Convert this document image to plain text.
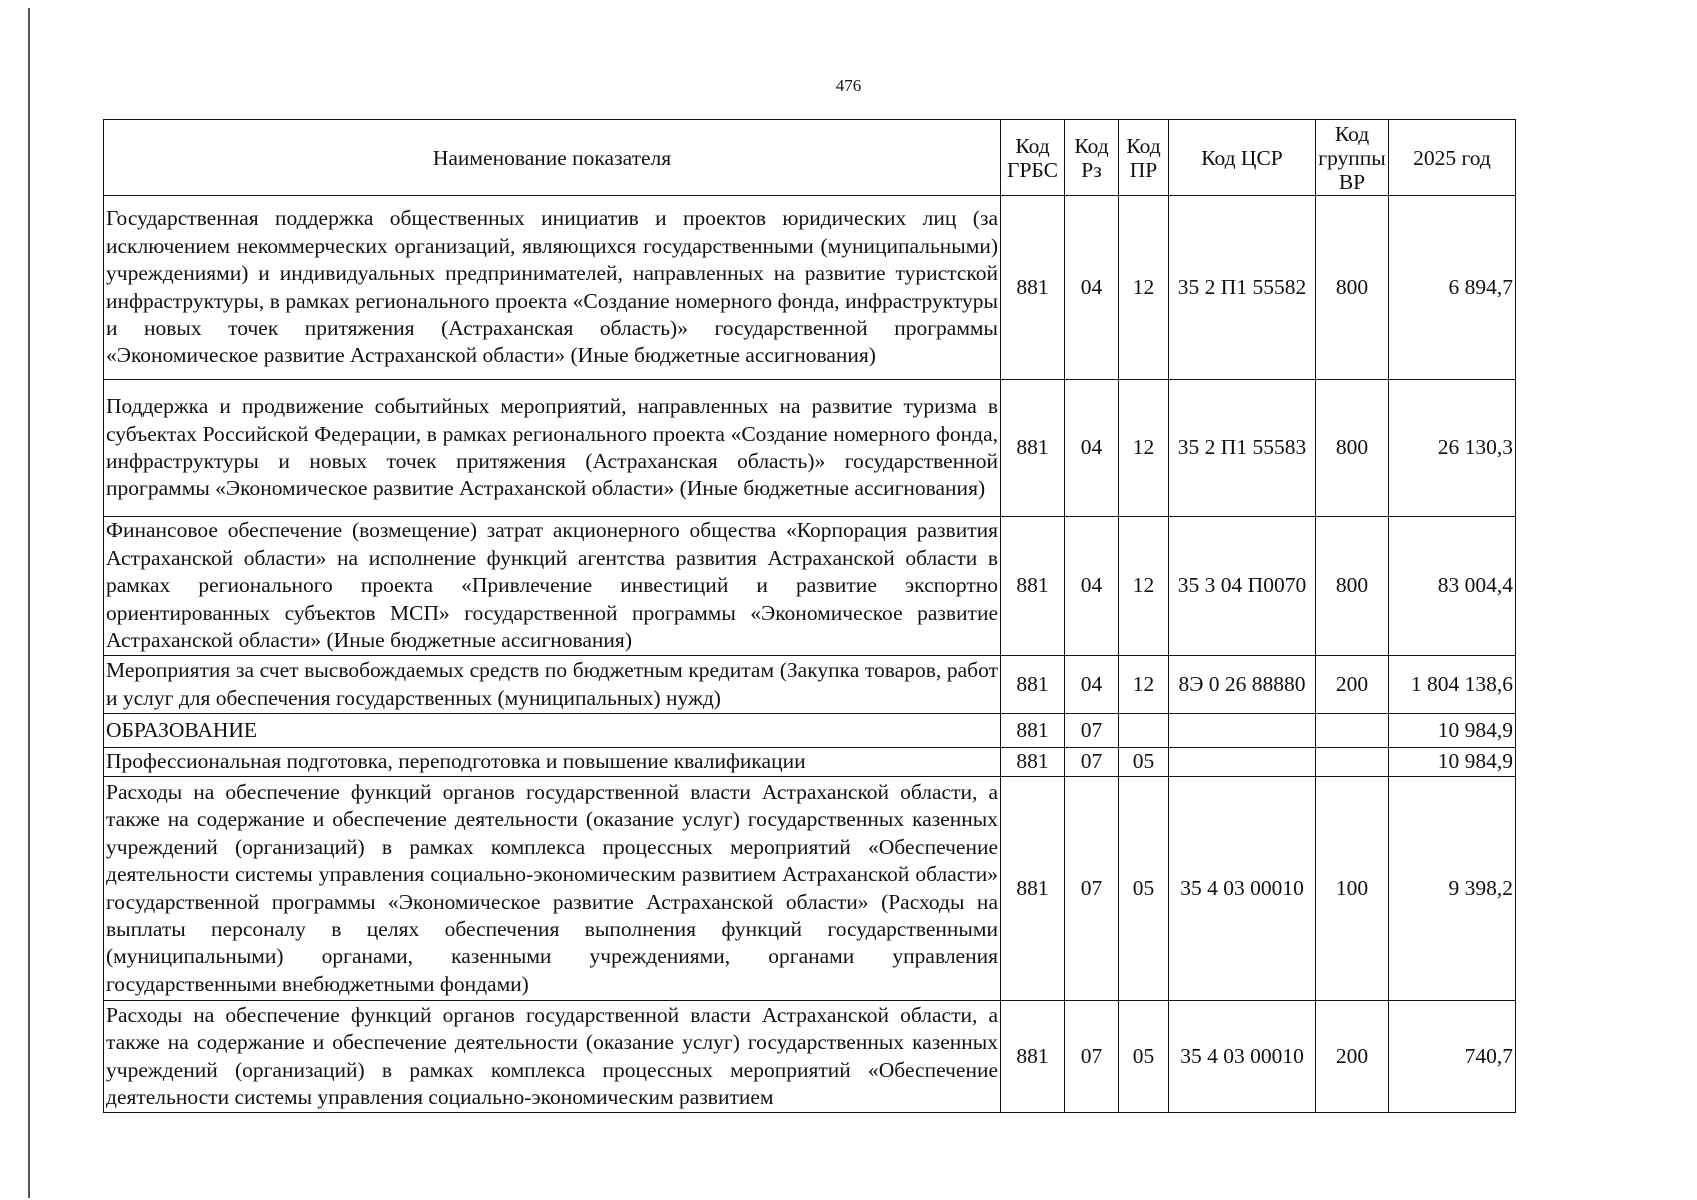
476
Наименование показателя	Код ГРБС	Код Рз	Код ПР	Код ЦСР	Код группы ВР	2025 год
Государственная поддержка общественных инициатив и проектов юридических лиц (за исключением некоммерческих организаций, являющихся государственными (муниципальными) учреждениями) и индивидуальных предпринимателей, направленных на развитие туристской инфраструктуры, в рамках регионального проекта «Создание номерного фонда, инфраструктуры и новых точек притяжения (Астраханская область)» государственной программы «Экономическое развитие Астраханской области» (Иные бюджетные ассигнования)	881	04	12	35 2 П1 55582	800	6 894,7
Поддержка и продвижение событийных мероприятий, направленных на развитие туризма в субъектах Российской Федерации, в рамках регионального проекта «Создание номерного фонда, инфраструктуры и новых точек притяжения (Астраханская область)» государственной программы «Экономическое развитие Астраханской области» (Иные бюджетные ассигнования)	881	04	12	35 2 П1 55583	800	26 130,3
Финансовое обеспечение (возмещение) затрат акционерного общества «Корпорация развития Астраханской области» на исполнение функций агентства развития Астраханской области в рамках регионального проекта «Привлечение инвестиций и развитие экспортно ориентированных субъектов МСП» государственной программы «Экономическое развитие Астраханской области» (Иные бюджетные ассигнования)	881	04	12	35 3 04 П0070	800	83 004,4
Мероприятия за счет высвобождаемых средств по бюджетным кредитам (Закупка товаров, работ и услуг для обеспечения государственных (муниципальных) нужд)	881	04	12	8Э 0 26 88880	200	1 804 138,6
ОБРАЗОВАНИЕ	881	07				10 984,9
Профессиональная подготовка, переподготовка и повышение квалификации	881	07	05			10 984,9
Расходы на обеспечение функций органов государственной власти Астраханской области, а также на содержание и обеспечение деятельности (оказание услуг) государственных казенных учреждений (организаций) в рамках комплекса процессных мероприятий «Обеспечение деятельности системы управления социально-экономическим развитием Астраханской области» государственной программы «Экономическое развитие Астраханской области» (Расходы на выплаты персоналу в целях обеспечения выполнения функций государственными (муниципальными) органами, казенными учреждениями, органами управления государственными внебюджетными фондами)	881	07	05	35 4 03 00010	100	9 398,2
Расходы на обеспечение функций органов государственной власти Астраханской области, а также на содержание и обеспечение деятельности (оказание услуг) государственных казенных учреждений (организаций) в рамках комплекса процессных мероприятий «Обеспечение деятельности системы управления социально-экономическим развитием	881	07	05	35 4 03 00010	200	740,7
